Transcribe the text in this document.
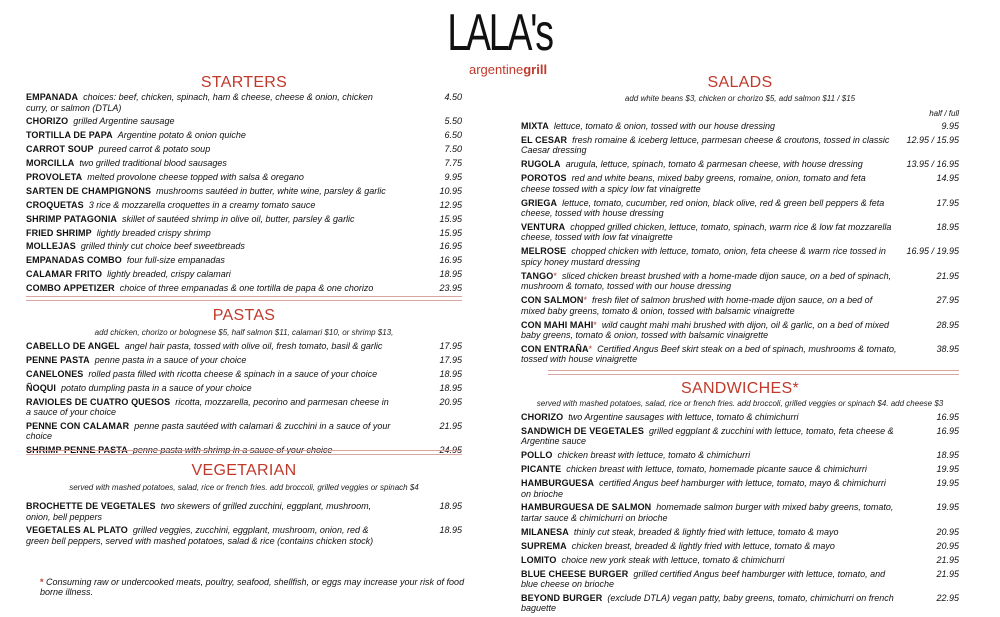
LALA's
argentinegrill
STARTERS
EMPANADA choices: beef, chicken, spinach, ham & cheese, cheese & onion, chicken curry, or salmon (DTLA)
4.50
CHORIZO grilled Argentine sausage	5.50
TORTILLA DE PAPA Argentine potato & onion quiche	6.50
CARROT SOUP pureed carrot & potato soup	7.50
MORCILLA two grilled traditional blood sausages	7.75
PROVOLETA melted provolone cheese topped with salsa & oregano	9.95
SARTEN DE CHAMPIGNONS mushrooms sautéed in butter, white wine, parsley & garlic	10.95
CROQUETAS 3 rice & mozzarella croquettes in a creamy tomato sauce	12.95
SHRIMP PATAGONIA skillet of sautéed shrimp in olive oil, butter, parsley & garlic	15.95
FRIED SHRIMP lightly breaded crispy shrimp	15.95
MOLLEJAS grilled thinly cut choice beef sweetbreads	16.95
EMPANADAS COMBO four full-size empanadas	16.95
CALAMAR FRITO lightly breaded, crispy calamari	18.95
COMBO APPETIZER choice of three empanadas & one tortilla de papa & one chorizo	23.95
PASTAS
add chicken, chorizo or bolognese $5, half salmon $11, calamari $10, or shrimp $13,
CABELLO DE ANGEL angel hair pasta, tossed with olive oil, fresh tomato, basil & garlic	17.95
PENNE PASTA penne pasta in a sauce of your choice	17.95
CANELONES rolled pasta filled with ricotta cheese & spinach in a sauce of your choice	18.95
ÑOQUI potato dumpling pasta in a sauce of your choice	18.95
RAVIOLES DE CUATRO QUESOS ricotta, mozzarella, pecorino and parmesan cheese in a sauce of your choice
20.95
PENNE CON CALAMAR penne pasta sautéed with calamari & zucchini in a sauce of your choice
21.95
SHRIMP PENNE PASTA penne pasta with shrimp in a sauce of your choice	24.95
VEGETARIAN
served with mashed potatoes, salad, rice or french fries. add broccoli, grilled veggies or spinach $4
BROCHETTE DE VEGETALES two skewers of grilled zucchini, eggplant, mushroom, onion, bell peppers
18.95
VEGETALES AL PLATO grilled veggies, zucchini, eggplant, mushroom, onion, red & green bell peppers, served with mashed potatoes, salad & rice (contains chicken stock)
18.95
* Consuming raw or undercooked meats, poultry, seafood, shellfish, or eggs may increase your risk of food borne illness.
SALADS
add white beans $3, chicken or chorizo $5, add salmon $11 / $15
half / full
MIXTA lettuce, tomato & onion, tossed with our house dressing	9.95
EL CESAR fresh romaine & iceberg lettuce, parmesan cheese & croutons, tossed in classic Caesar dressing
12.95 / 15.95
RUGOLA arugula, lettuce, spinach, tomato & parmesan cheese, with house dressing	13.95 / 16.95
POROTOS red and white beans, mixed baby greens, romaine, onion, tomato and feta cheese tossed with a spicy low fat vinaigrette
14.95
GRIEGA lettuce, tomato, cucumber, red onion, black olive, red & green bell peppers & feta cheese, tossed with house dressing
17.95
VENTURA chopped grilled chicken, lettuce, tomato, spinach, warm rice & low fat mozzarella cheese, tossed with low fat vinaigrette
18.95
MELROSE chopped chicken with lettuce, tomato, onion, feta cheese & warm rice tossed in spicy honey mustard dressing
16.95 / 19.95
TANGO* sliced chicken breast brushed with a home-made dijon sauce, on a bed of spinach, mushroom & tomato, tossed with our house dressing
21.95
CON SALMON* fresh filet of salmon brushed with home-made dijon sauce, on a bed of mixed baby greens, tomato & onion, tossed with balsamic vinaigrette
27.95
CON MAHI MAHI* wild caught mahi mahi brushed with dijon, oil & garlic, on a bed of mixed baby greens, tomato & onion, tossed with balsamic vinaigrette
28.95
CON ENTRAÑA* Certified Angus Beef skirt steak on a bed of spinach, mushrooms & tomato, tossed with house vinaigrette
38.95
SANDWICHES*
served with mashed potatoes, salad, rice or french fries. add broccoli, grilled veggies or spinach $4. add cheese $3
CHORIZO two Argentine sausages with lettuce, tomato & chimichurri	16.95
SANDWICH DE VEGETALES grilled eggplant & zucchini with lettuce, tomato, feta cheese & Argentine sauce
16.95
POLLO chicken breast with lettuce, tomato & chimichurri	18.95
PICANTE chicken breast with lettuce, tomato, homemade picante sauce & chimichurri	19.95
HAMBURGUESA certified Angus beef hamburger with lettuce, tomato, mayo & chimichurri on brioche
19.95
HAMBURGUESA DE SALMON homemade salmon burger with mixed baby greens, tomato, tartar sauce & chimichurri on brioche
19.95
MILANESA thinly cut steak, breaded & lightly fried with lettuce, tomato & mayo	20.95
SUPREMA chicken breast, breaded & lightly fried with lettuce, tomato & mayo	20.95
LOMITO choice new york steak with lettuce, tomato & chimichurri	21.95
BLUE CHEESE BURGER grilled certified Angus beef hamburger with lettuce, tomato, and blue cheese on brioche
21.95
BEYOND BURGER (exclude DTLA) vegan patty, baby greens, tomato, chimichurri on french baguette
22.95
